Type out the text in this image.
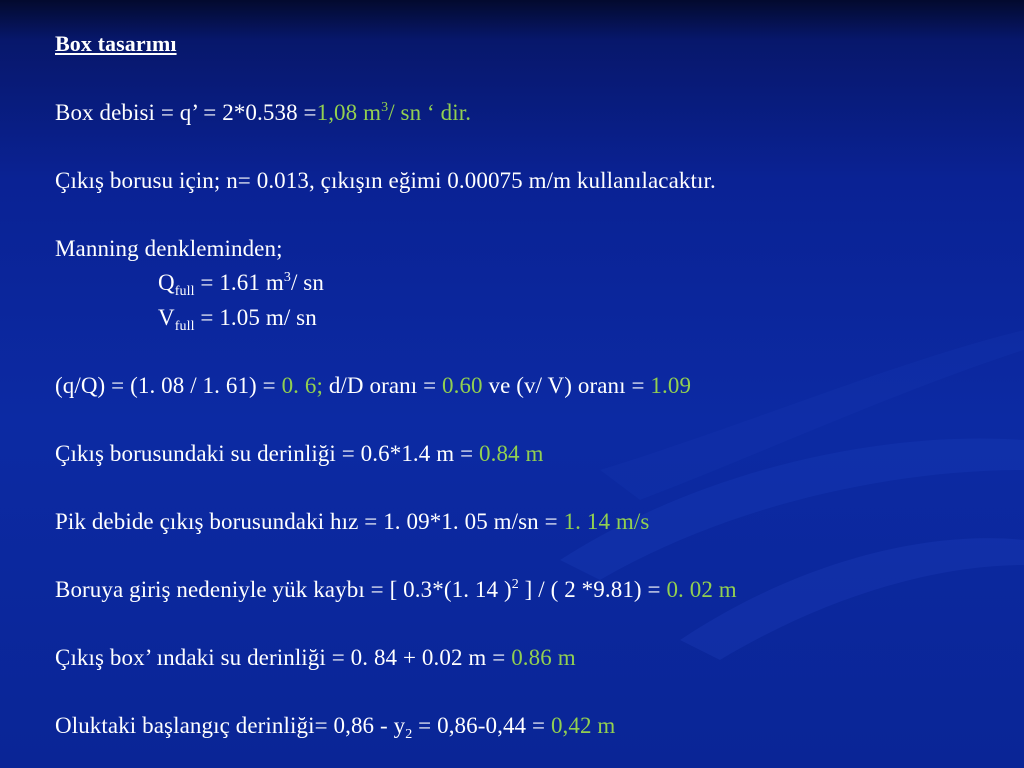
Box tasarımı
Box debisi = q’ = 2*0.538 =1,08 $m^3/$ sn ‘ dir.
Çıkış borusu için; n= 0.013, çıkışın eğimi 0.00075 m/m kullanılacaktır.
Manning denkleminden;
$Q_{full} = 1.61$ $m^3/$ sn
$V_{full} = 1.05$ m/ sn
(q/Q) = (1. 08 / 1. 61) = 0. 6; d/D oranı = 0.60 ve (v/ V) oranı = 1.09
Çıkış borusundaki su derinliği = 0.6*1.4 m = 0.84 m
Pik debide çıkış borusundaki hız = 1. 09*1. 05 m/sn = 1. 14 m/s
Boruya giriş nedeniyle yük kaybı = [ 0.3*(1. 14 )$^2$ ] / ( 2 *9.81) = 0. 02 m
Çıkış box’ ındaki su derinliği = 0. 84 + 0.02 m = 0.86 m
Oluktaki başlangıç derinliği= $0,86 - y_2 = 0,86-0,44 = 0,42$ m
